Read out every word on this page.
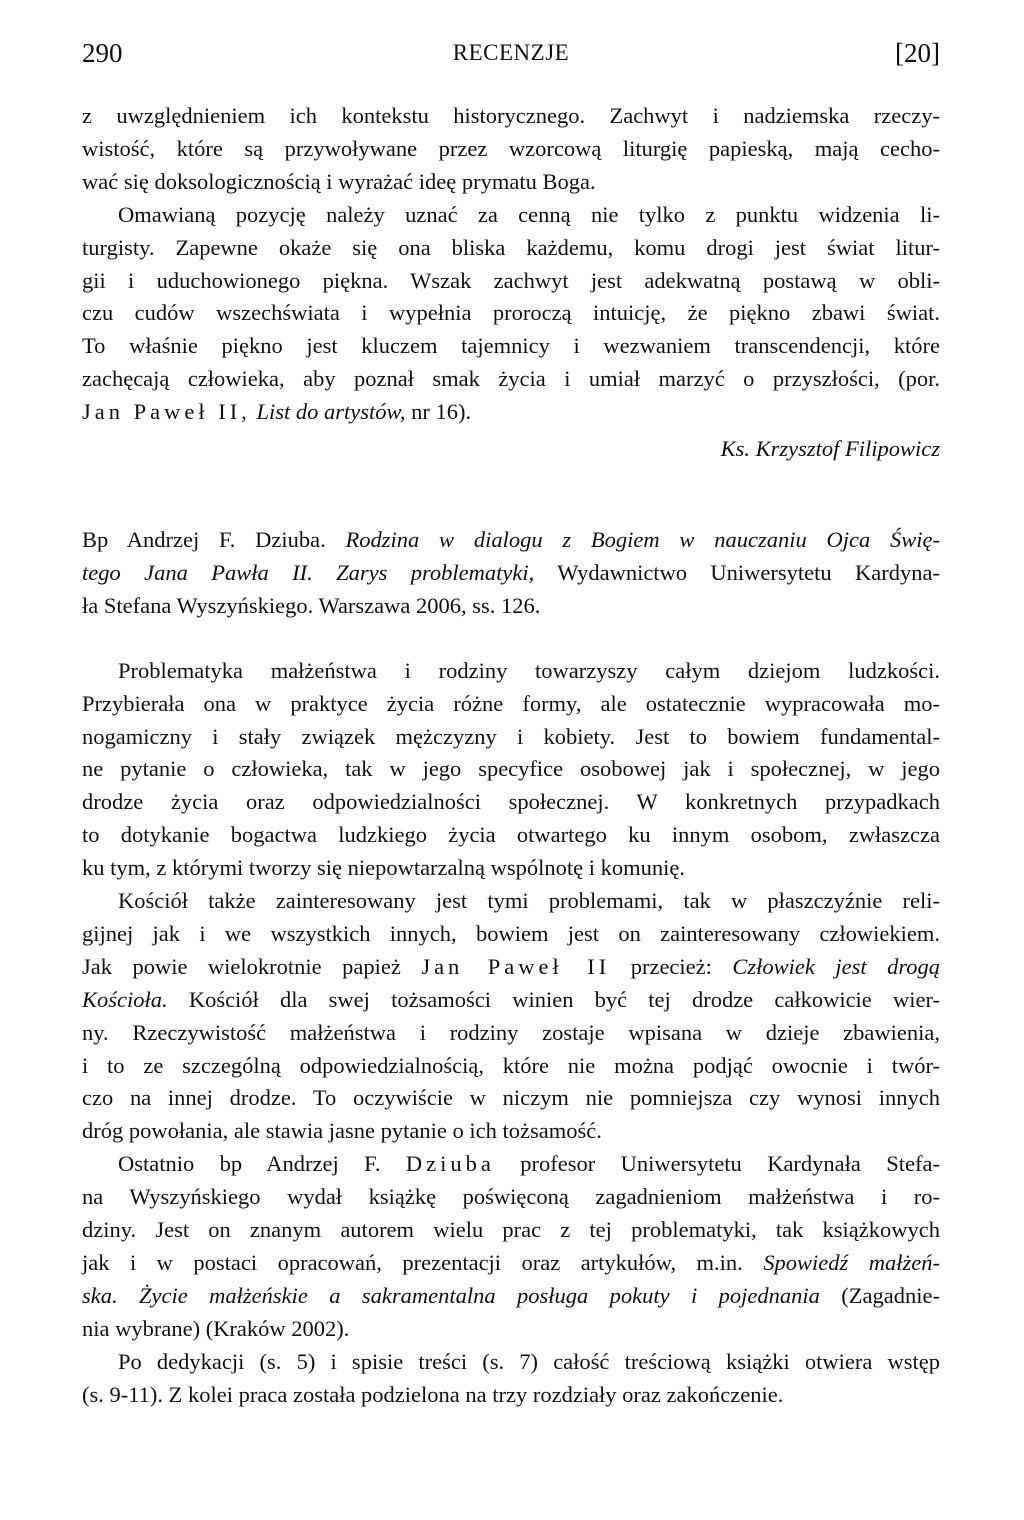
290	RECENZJE	[20]
z uwzględnieniem ich kontekstu historycznego. Zachwyt i nadziemska rzeczy-
wistość, które są przywoływane przez wzorcową liturgię papieską, mają cecho-
wać się doksologicznością i wyrażać ideę prymatu Boga.
Omawianą pozycję należy uznać za cenną nie tylko z punktu widzenia li-
turgisty. Zapewne okaże się ona bliska każdemu, komu drogi jest świat litur-
gii i uduchowionego piękna. Wszak zachwyt jest adekwatną postawą w obli-
czu cudów wszechświata i wypełnia proroczą intuicję, że piękno zbawi świat.
To właśnie piękno jest kluczem tajemnicy i wezwaniem transcendencji, które
zachęcają człowieka, aby poznał smak życia i umiał marzyć o przyszłości, (por.
Jan Paweł II, List do artystów, nr 16).
Ks. Krzysztof Filipowicz
Bp Andrzej F. Dziuba. Rodzina w dialogu z Bogiem w nauczaniu Ojca Świę-
tego Jana Pawła II. Zarys problematyki, Wydawnictwo Uniwersytetu Kardyna-
ła Stefana Wyszyńskiego. Warszawa 2006, ss. 126.
Problematyka małżeństwa i rodziny towarzyszy całym dziejom ludzkości.
Przybierała ona w praktyce życia różne formy, ale ostatecznie wypracowała mo-
nogamiczny i stały związek mężczyzny i kobiety. Jest to bowiem fundamental-
ne pytanie o człowieka, tak w jego specyfice osobowej jak i społecznej, w jego
drodze życia oraz odpowiedzialności społecznej. W konkretnych przypadkach
to dotykanie bogactwa ludzkiego życia otwartego ku innym osobom, zwłaszcza
ku tym, z którymi tworzy się niepowtarzalną wspólnotę i komunię.
Kościół także zainteresowany jest tymi problemami, tak w płaszczyźnie reli-
gijnej jak i we wszystkich innych, bowiem jest on zainteresowany człowiekiem.
Jak powie wielokrotnie papież Jan Paweł II przecież: Człowiek jest drogą
Kościoła. Kościół dla swej tożsamości winien być tej drodze całkowicie wier-
ny. Rzeczywistość małżeństwa i rodziny zostaje wpisana w dzieje zbawienia,
i to ze szczególną odpowiedzialnością, które nie można podjąć owocnie i twór-
czo na innej drodze. To oczywiście w niczym nie pomniejsza czy wynosi innych
dróg powołania, ale stawia jasne pytanie o ich tożsamość.
Ostatnio bp Andrzej F. Dziuba profesor Uniwersytetu Kardynała Stefa-
na Wyszyńskiego wydał książkę poświęconą zagadnieniom małżeństwa i ro-
dziny. Jest on znanym autorem wielu prac z tej problematyki, tak książkowych
jak i w postaci opracowań, prezentacji oraz artykułów, m.in. Spowiedź małżeń-
ska. Życie małżeńskie a sakramentalna posługa pokuty i pojednania (Zagadnie-
nia wybrane) (Kraków 2002).
Po dedykacji (s. 5) i spisie treści (s. 7) całość treściową książki otwiera wstęp
(s. 9-11). Z kolei praca została podzielona na trzy rozdziały oraz zakończenie.
